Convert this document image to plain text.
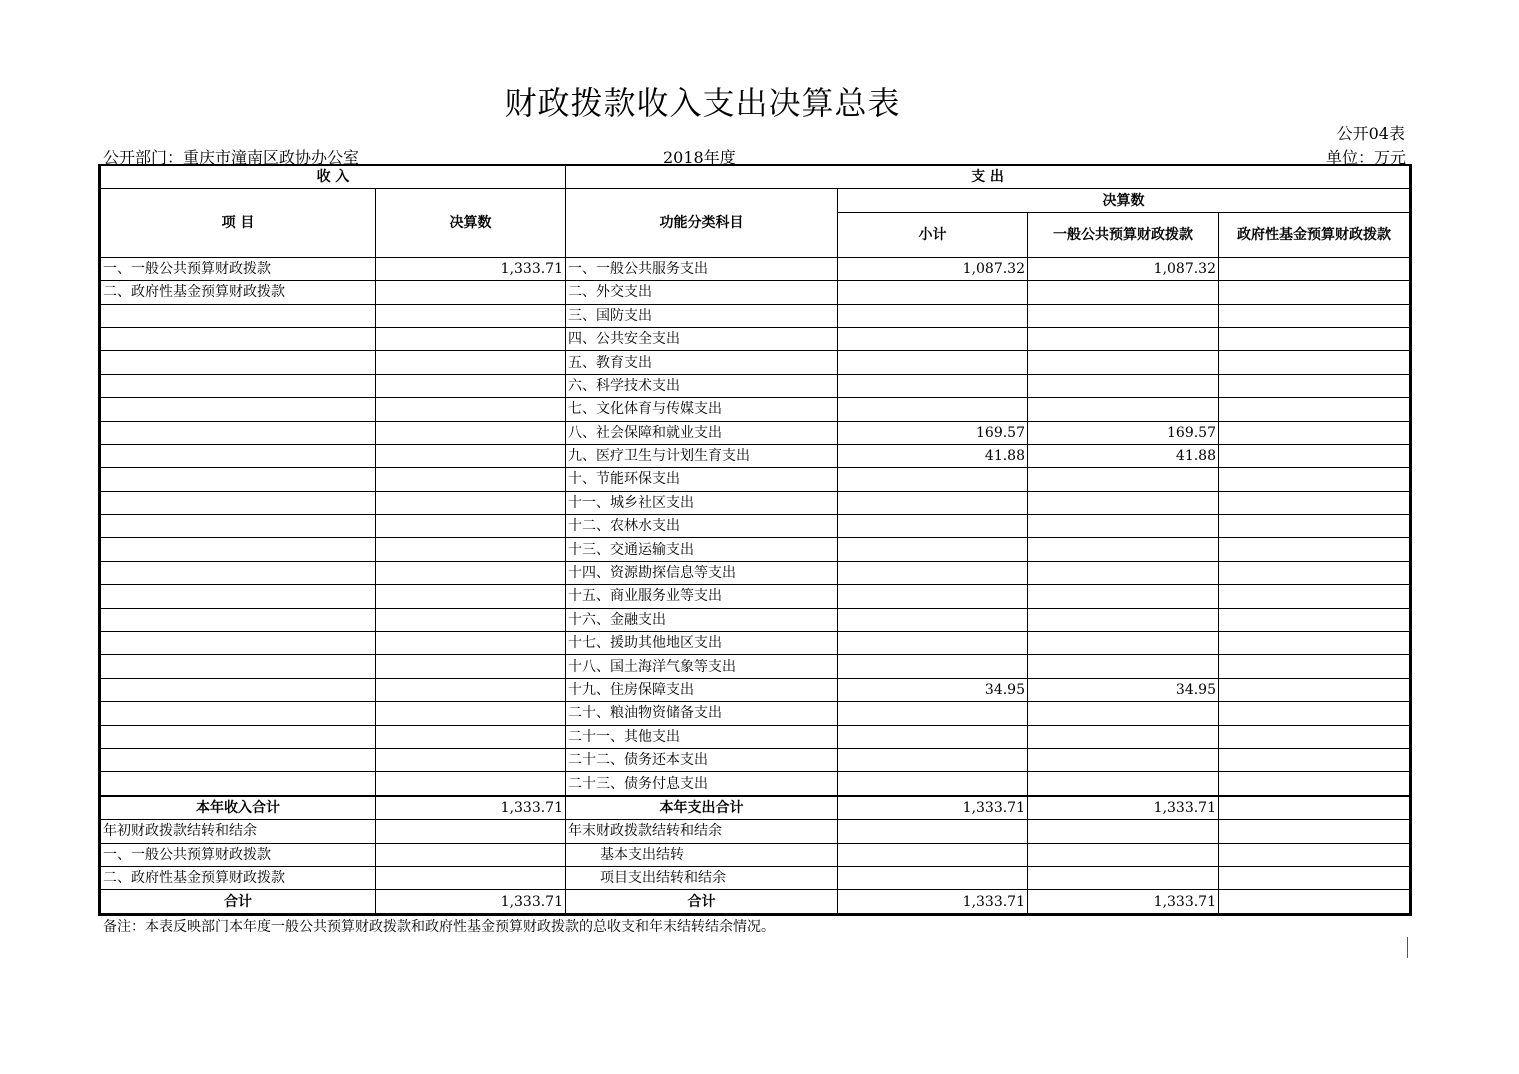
财政拨款收入支出决算总表
公开04表
公开部门：重庆市潼南区政协办公室	2018年度	单位：万元
收 入		支 出			
项 目	决算数	功能分类科目	决算数		
			小计	一般公共预算财政拨款	政府性基金预算财政拨款

一、一般公共预算财政拨款	1,333.71	一、一般公共服务支出	1,087.32	1,087.32	
二、政府性基金预算财政拨款		二、外交支出			
		三、国防支出			
		四、公共安全支出			
		五、教育支出			
		六、科学技术支出			
		七、文化体育与传媒支出			
		八、社会保障和就业支出	169.57	169.57	
		九、医疗卫生与计划生育支出	41.88	41.88	
		十、节能环保支出			
		十一、城乡社区支出			
		十二、农林水支出			
		十三、交通运输支出			
		十四、资源勘探信息等支出			
		十五、商业服务业等支出			
		十六、金融支出			
		十七、援助其他地区支出			
		十八、国土海洋气象等支出			
		十九、住房保障支出	34.95	34.95	
		二十、粮油物资储备支出			
		二十一、其他支出			
		二十二、债务还本支出			
		二十三、债务付息支出			
本年收入合计	1,333.71	本年支出合计	1,333.71	1,333.71	
年初财政拨款结转和结余		年末财政拨款结转和结余			
一、一般公共预算财政拨款		基本支出结转			
二、政府性基金预算财政拨款		项目支出结转和结余			
合计	1,333.71	合计	1,333.71	1,333.71	
备注：本表反映部门本年度一般公共预算财政拨款和政府性基金预算财政拨款的总收支和年末结转结余情况。
